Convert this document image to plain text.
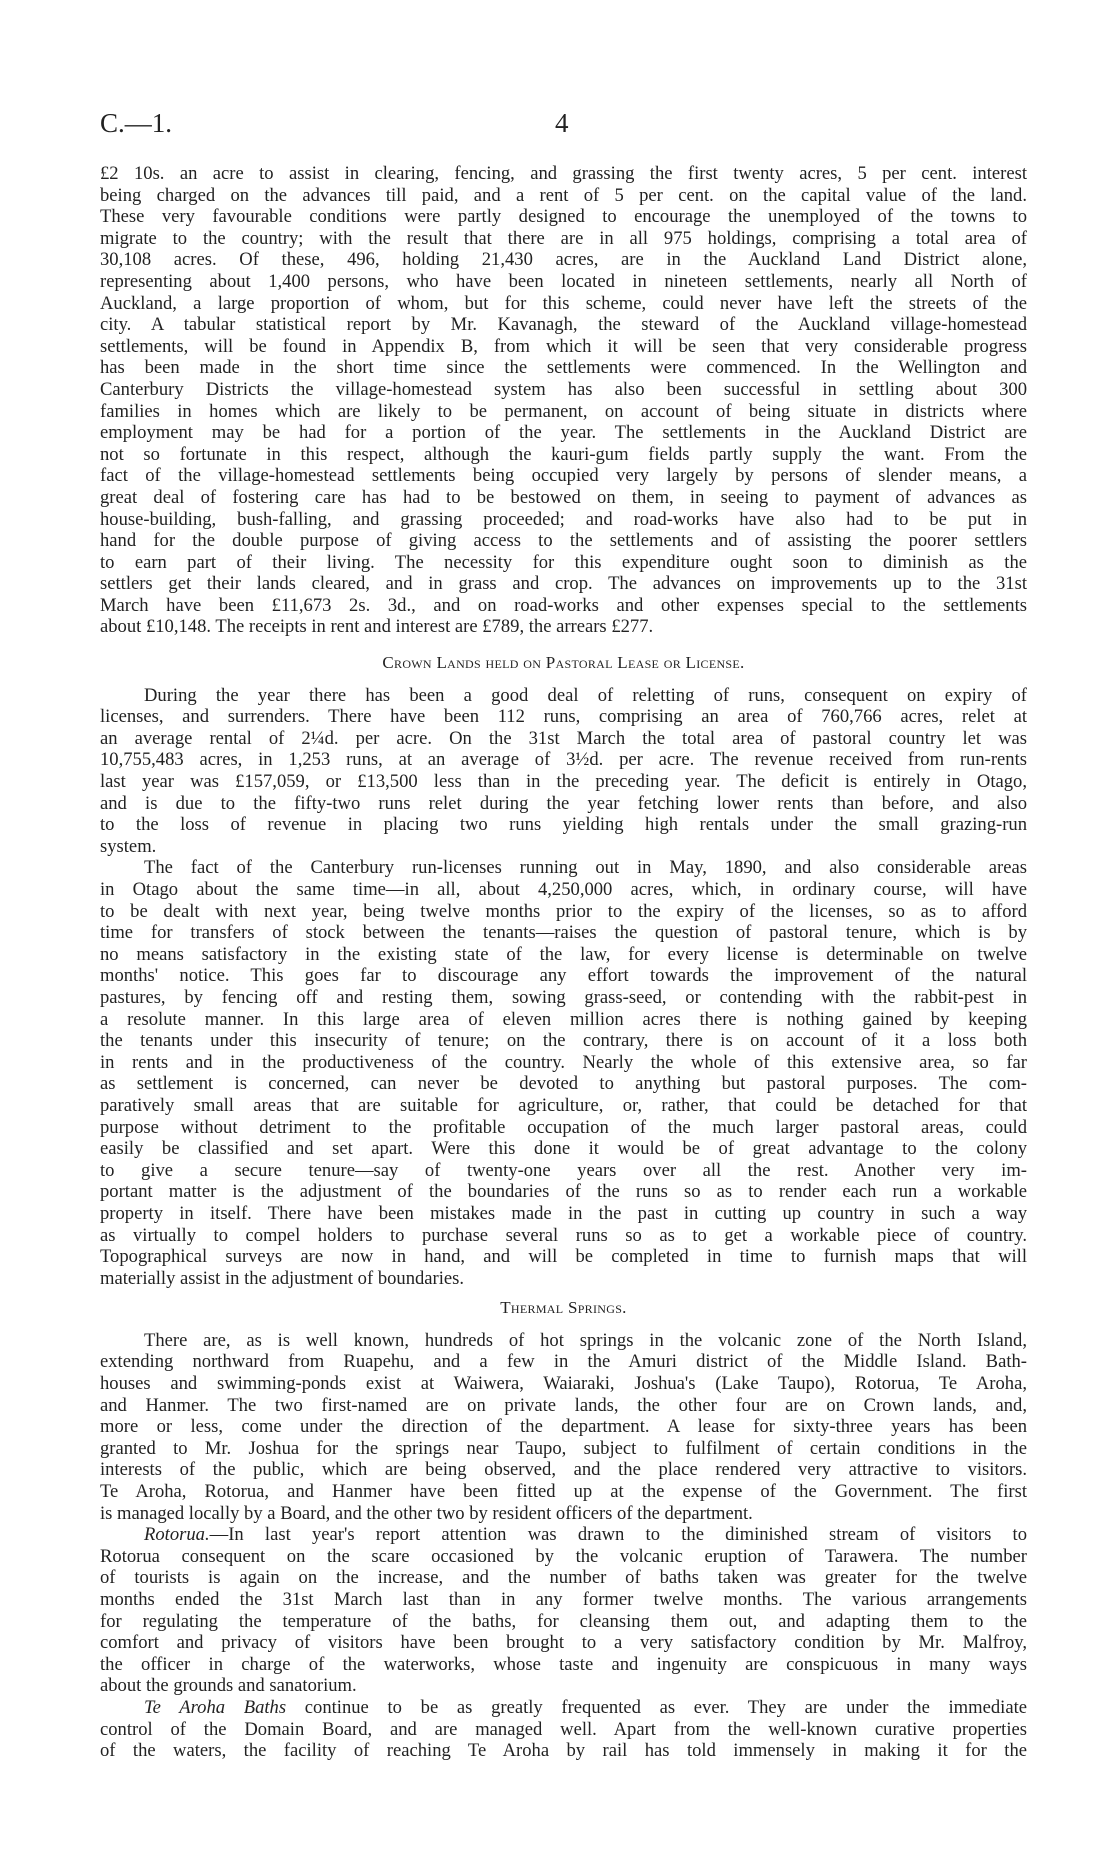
C.—1.	4
£2 10s. an acre to assist in clearing, fencing, and grassing the first twenty acres, 5 per cent. interest
being charged on the advances till paid, and a rent of 5 per cent. on the capital value of the land.
These very favourable conditions were partly designed to encourage the unemployed of the towns to
migrate to the country; with the result that there are in all 975 holdings, comprising a total area of
30,108 acres. Of these, 496, holding 21,430 acres, are in the Auckland Land District alone,
representing about 1,400 persons, who have been located in nineteen settlements, nearly all North of
Auckland, a large proportion of whom, but for this scheme, could never have left the streets of the
city. A tabular statistical report by Mr. Kavanagh, the steward of the Auckland village-homestead
settlements, will be found in Appendix B, from which it will be seen that very considerable progress
has been made in the short time since the settlements were commenced. In the Wellington and
Canterbury Districts the village-homestead system has also been successful in settling about 300
families in homes which are likely to be permanent, on account of being situate in districts where
employment may be had for a portion of the year. The settlements in the Auckland District are
not so fortunate in this respect, although the kauri-gum fields partly supply the want. From the
fact of the village-homestead settlements being occupied very largely by persons of slender means, a
great deal of fostering care has had to be bestowed on them, in seeing to payment of advances as
house-building, bush-falling, and grassing proceeded; and road-works have also had to be put in
hand for the double purpose of giving access to the settlements and of assisting the poorer settlers
to earn part of their living. The necessity for this expenditure ought soon to diminish as the
settlers get their lands cleared, and in grass and crop. The advances on improvements up to the 31st
March have been £11,673 2s. 3d., and on road-works and other expenses special to the settlements
about £10,148. The receipts in rent and interest are £789, the arrears £277.
Crown Lands held on Pastoral Lease or License.
During the year there has been a good deal of reletting of runs, consequent on expiry of
licenses, and surrenders. There have been 112 runs, comprising an area of 760,766 acres, relet at
an average rental of 2¼d. per acre. On the 31st March the total area of pastoral country let was
10,755,483 acres, in 1,253 runs, at an average of 3½d. per acre. The revenue received from run-rents
last year was £157,059, or £13,500 less than in the preceding year. The deficit is entirely in Otago,
and is due to the fifty-two runs relet during the year fetching lower rents than before, and also
to the loss of revenue in placing two runs yielding high rentals under the small grazing-run
system.
The fact of the Canterbury run-licenses running out in May, 1890, and also considerable areas
in Otago about the same time—in all, about 4,250,000 acres, which, in ordinary course, will have
to be dealt with next year, being twelve months prior to the expiry of the licenses, so as to afford
time for transfers of stock between the tenants—raises the question of pastoral tenure, which is by
no means satisfactory in the existing state of the law, for every license is determinable on twelve
months' notice. This goes far to discourage any effort towards the improvement of the natural
pastures, by fencing off and resting them, sowing grass-seed, or contending with the rabbit-pest in
a resolute manner. In this large area of eleven million acres there is nothing gained by keeping
the tenants under this insecurity of tenure; on the contrary, there is on account of it a loss both
in rents and in the productiveness of the country. Nearly the whole of this extensive area, so far
as settlement is concerned, can never be devoted to anything but pastoral purposes. The com-
paratively small areas that are suitable for agriculture, or, rather, that could be detached for that
purpose without detriment to the profitable occupation of the much larger pastoral areas, could
easily be classified and set apart. Were this done it would be of great advantage to the colony
to give a secure tenure—say of twenty-one years over all the rest. Another very im-
portant matter is the adjustment of the boundaries of the runs so as to render each run a workable
property in itself. There have been mistakes made in the past in cutting up country in such a way
as virtually to compel holders to purchase several runs so as to get a workable piece of country.
Topographical surveys are now in hand, and will be completed in time to furnish maps that will
materially assist in the adjustment of boundaries.
Thermal Springs.
There are, as is well known, hundreds of hot springs in the volcanic zone of the North Island,
extending northward from Ruapehu, and a few in the Amuri district of the Middle Island. Bath-
houses and swimming-ponds exist at Waiwera, Waiaraki, Joshua's (Lake Taupo), Rotorua, Te Aroha,
and Hanmer. The two first-named are on private lands, the other four are on Crown lands, and,
more or less, come under the direction of the department. A lease for sixty-three years has been
granted to Mr. Joshua for the springs near Taupo, subject to fulfilment of certain conditions in the
interests of the public, which are being observed, and the place rendered very attractive to visitors.
Te Aroha, Rotorua, and Hanmer have been fitted up at the expense of the Government. The first
is managed locally by a Board, and the other two by resident officers of the department.
Rotorua.—In last year's report attention was drawn to the diminished stream of visitors to
Rotorua consequent on the scare occasioned by the volcanic eruption of Tarawera. The number
of tourists is again on the increase, and the number of baths taken was greater for the twelve
months ended the 31st March last than in any former twelve months. The various arrangements
for regulating the temperature of the baths, for cleansing them out, and adapting them to the
comfort and privacy of visitors have been brought to a very satisfactory condition by Mr. Malfroy,
the officer in charge of the waterworks, whose taste and ingenuity are conspicuous in many ways
about the grounds and sanatorium.
Te Aroha Baths continue to be as greatly frequented as ever. They are under the immediate
control of the Domain Board, and are managed well. Apart from the well-known curative properties
of the waters, the facility of reaching Te Aroha by rail has told immensely in making it for the
